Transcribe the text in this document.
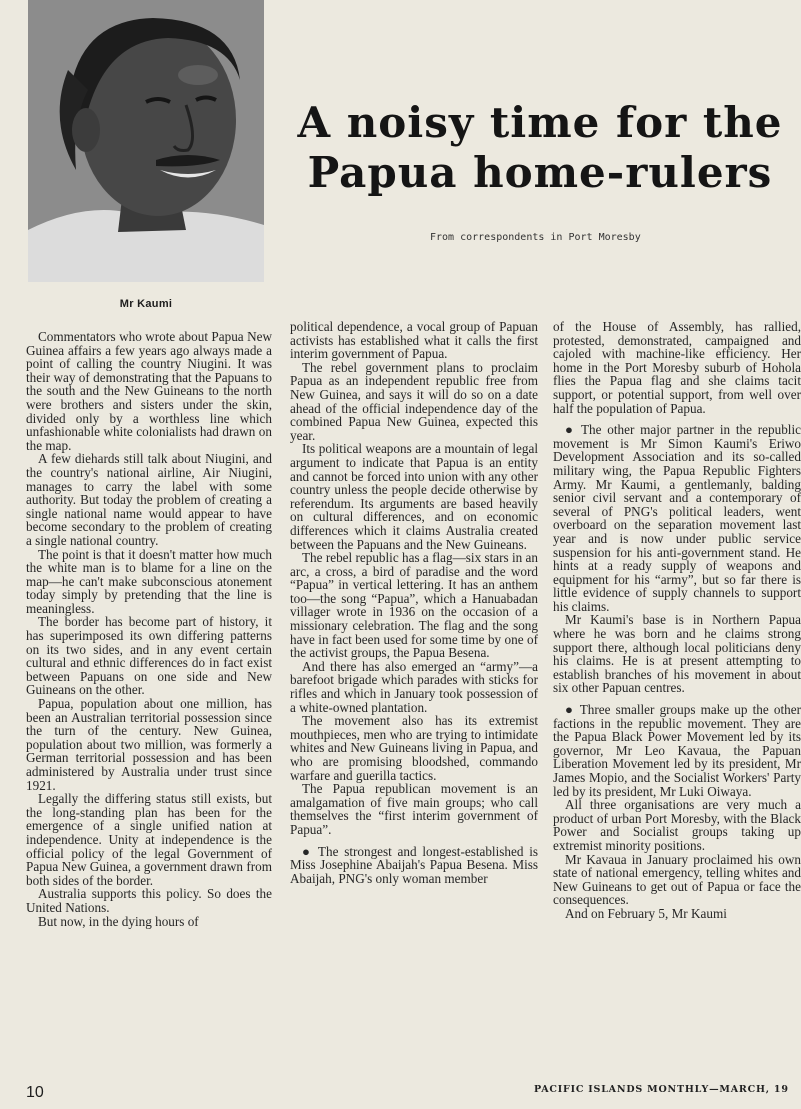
Mr Kaumi
A noisy time for the Papua home-rulers
From correspondents in Port Moresby

Commentators who wrote about Papua New Guinea affairs a few years ago always made a point of calling the country Niugini. It was their way of demonstrating that the Papuans to the south and the New Guineans to the north were brothers and sisters under the skin, divided only by a worthless line which unfashionable white colonialists had drawn on the map.

A few diehards still talk about Niugini, and the country's national airline, Air Niugini, manages to carry the label with some authority. But today the problem of creating a single national name would appear to have become secondary to the problem of creating a single national country.

The point is that it doesn't matter how much the white man is to blame for a line on the map—he can't make subconscious atonement today simply by pretending that the line is meaningless.

The border has become part of history, it has superimposed its own differing patterns on its two sides, and in any event certain cultural and ethnic differences do in fact exist between Papuans on one side and New Guineans on the other.

Papua, population about one million, has been an Australian territorial possession since the turn of the century. New Guinea, population about two million, was formerly a German territorial possession and has been administered by Australia under trust since 1921.

Legally the differing status still exists, but the long-standing plan has been for the emergence of a single unified nation at independence. Unity at independence is the official policy of the legal Government of Papua New Guinea, a government drawn from both sides of the border.

Australia supports this policy. So does the United Nations.

But now, in the dying hours of

political dependence, a vocal group of Papuan activists has established what it calls the first interim government of Papua.

The rebel government plans to proclaim Papua as an independent republic free from New Guinea, and says it will do so on a date ahead of the official independence day of the combined Papua New Guinea, expected this year.

Its political weapons are a mountain of legal argument to indicate that Papua is an entity and cannot be forced into union with any other country unless the people decide otherwise by referendum. Its arguments are based heavily on cultural differences, and on economic differences which it claims Australia created between the Papuans and the New Guineans.

The rebel republic has a flag—six stars in an arc, a cross, a bird of paradise and the word “Papua” in vertical lettering. It has an anthem too—the song “Papua”, which a Hanuabadan villager wrote in 1936 on the occasion of a missionary celebration. The flag and the song have in fact been used for some time by one of the activist groups, the Papua Besena.

And there has also emerged an “army”—a barefoot brigade which parades with sticks for rifles and which in January took possession of a white-owned plantation.

The movement also has its extremist mouthpieces, men who are trying to intimidate whites and New Guineans living in Papua, and who are promising bloodshed, commando warfare and guerilla tactics.

The Papua republican movement is an amalgamation of five main groups; who call themselves the “first interim government of Papua”.

● The strongest and longest-established is Miss Josephine Abaijah's Papua Besena. Miss Abaijah, PNG's only woman member

of the House of Assembly, has rallied, protested, demonstrated, campaigned and cajoled with machine-like efficiency. Her home in the Port Moresby suburb of Hohola flies the Papua flag and she claims tacit support, or potential support, from well over half the population of Papua.

● The other major partner in the republic movement is Mr Simon Kaumi's Eriwo Development Association and its so-called military wing, the Papua Republic Fighters Army. Mr Kaumi, a gentlemanly, balding senior civil servant and a contemporary of several of PNG's political leaders, went overboard on the separation movement last year and is now under public service suspension for his anti-government stand. He hints at a ready supply of weapons and equipment for his “army”, but so far there is little evidence of supply channels to support his claims.

Mr Kaumi's base is in Northern Papua where he was born and he claims strong support there, although local politicians deny his claims. He is at present attempting to establish branches of his movement in about six other Papuan centres.

● Three smaller groups make up the other factions in the republic movement. They are the Papua Black Power Movement led by its governor, Mr Leo Kavaua, the Papuan Liberation Movement led by its president, Mr James Mopio, and the Socialist Workers' Party led by its president, Mr Luki Oiwaya.

All three organisations are very much a product of urban Port Moresby, with the Black Power and Socialist groups taking up extremist minority positions.

Mr Kavaua in January proclaimed his own state of national emergency, telling whites and New Guineans to get out of Papua or face the consequences.

And on February 5, Mr Kaumi

10	PACIFIC ISLANDS MONTHLY—MARCH, 19
